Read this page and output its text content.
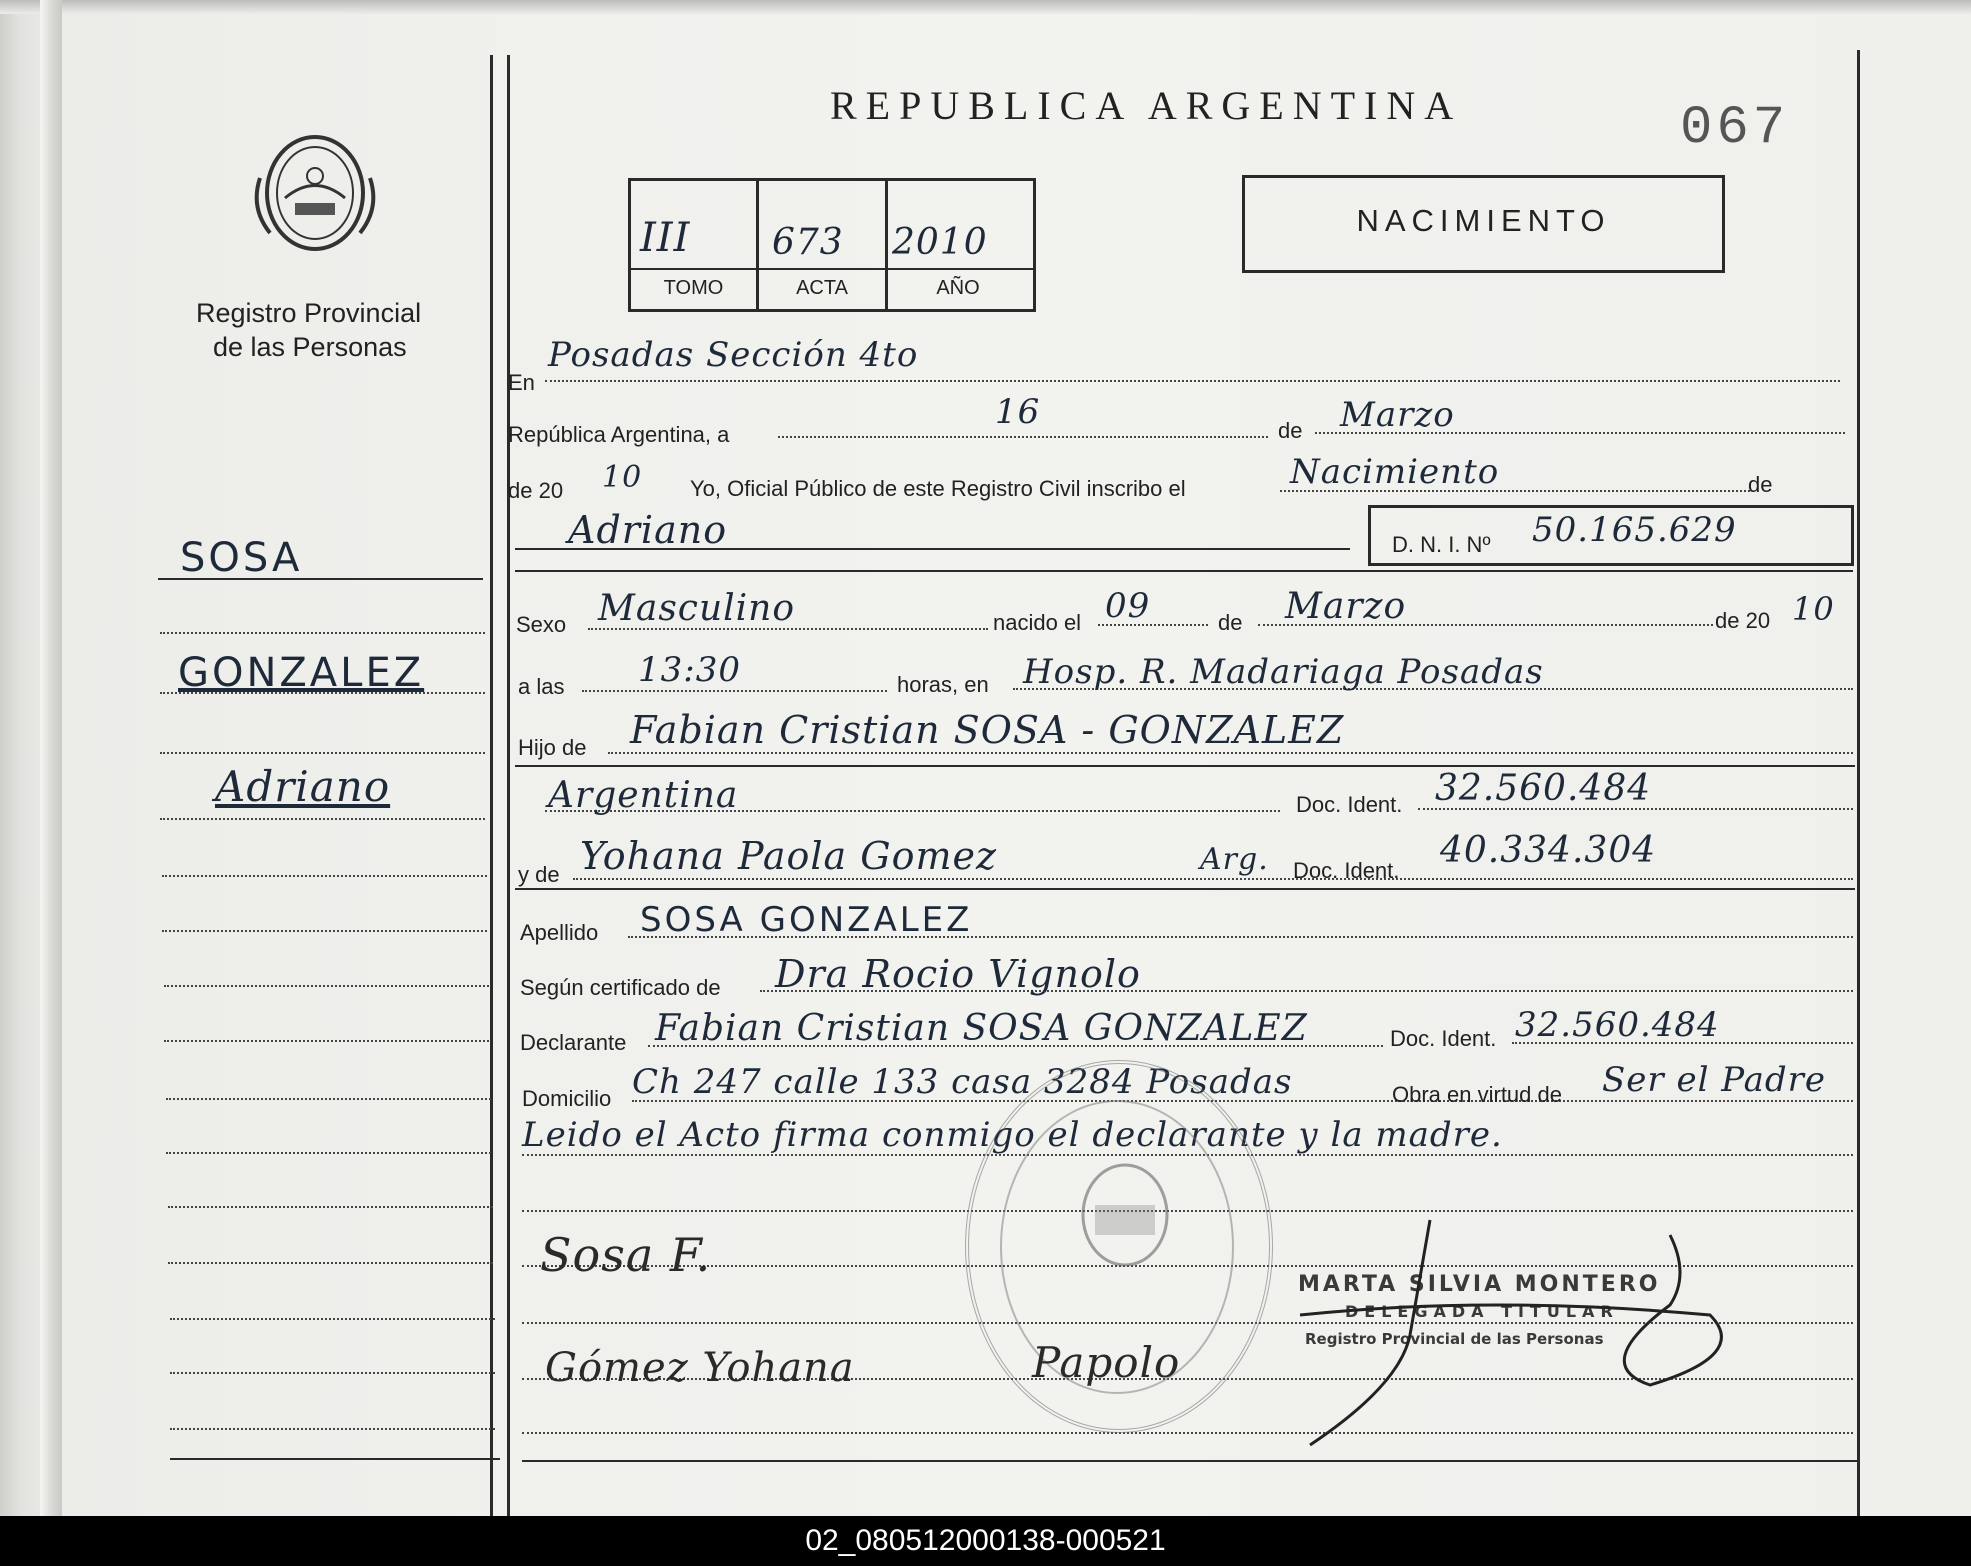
Registro Provincial
de las Personas
REPUBLICA ARGENTINA	067
III 673 2010
TOMO	ACTA	AÑO
NACIMIENTO
SOSA
GONZALEZ
Adriano
En
Posadas Sección 4to
República Argentina, a
16	de Marzo
de 20 10 Yo, Oficial Público de este Registro Civil inscribo el	Nacimiento	de
Adriano	D. N. I. Nº 50.165.629
Sexo Masculino	nacido el 09	de Marzo	de 20 10
a las 13:30	horas, en Hosp. R. Madariaga Posadas
Hijo de Fabian Cristian SOSA - GONZALEZ
Argentina	Doc. Ident. 32.560.484
y de Yohana Paola Gomez	Arg. Doc. Ident. 40.334.304
Apellido SOSA GONZALEZ
Según certificado de Dra Rocio Vignolo
Declarante Fabian Cristian SOSA GONZALEZ	Doc. Ident. 32.560.484
Domicilio Ch 247 calle 133 casa 3284 Posadas	Obra en virtud de Ser el Padre
Leido el Acto firma conmigo el declarante y la madre.
Sosa F.
Gómez Yohana	Papolo
MARTA SILVIA MONTERO
DELEGADA TITULAR
Registro Provincial de las Personas
02_080512000138-000521
